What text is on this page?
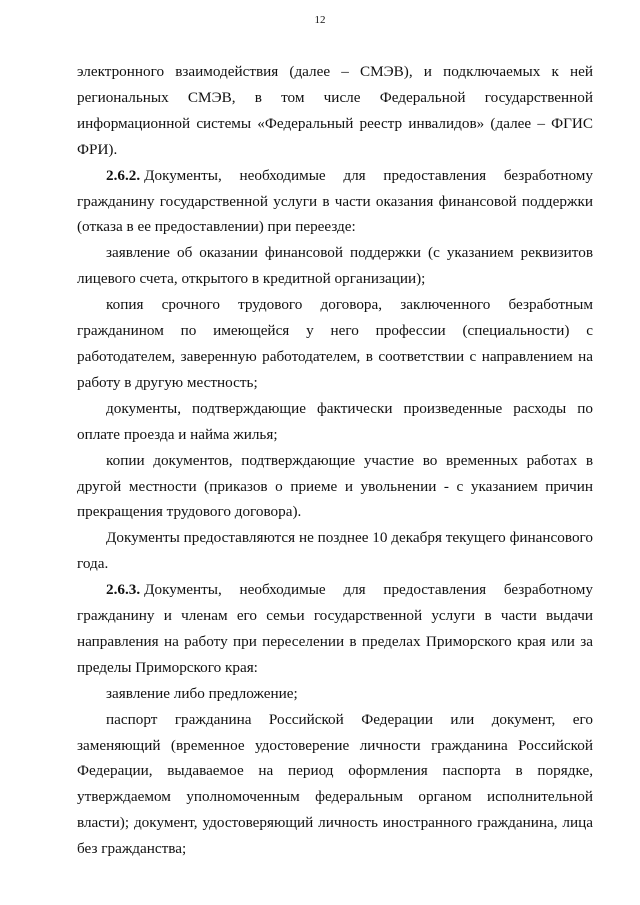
12

электронного взаимодействия (далее – СМЭВ), и подключаемых к ней региональных СМЭВ, в том числе Федеральной государственной информационной системы «Федеральный реестр инвалидов» (далее – ФГИС ФРИ).

2.6.2. Документы, необходимые для предоставления безработному гражданину государственной услуги в части оказания финансовой поддержки (отказа в ее предоставлении) при переезде:

заявление об оказании финансовой поддержки (с указанием реквизитов лицевого счета, открытого в кредитной организации);

копия срочного трудового договора, заключенного безработным гражданином по имеющейся у него профессии (специальности) с работодателем, заверенную работодателем, в соответствии с направлением на работу в другую местность;

документы, подтверждающие фактически произведенные расходы по оплате проезда и найма жилья;

копии документов, подтверждающие участие во временных работах в другой местности (приказов о приеме и увольнении - с указанием причин прекращения трудового договора).

Документы предоставляются не позднее 10 декабря текущего финансового года.

2.6.3. Документы, необходимые для предоставления безработному гражданину и членам его семьи государственной услуги в части выдачи направления на работу при переселении в пределах Приморского края или за пределы Приморского края:

заявление либо предложение;

паспорт гражданина Российской Федерации или документ, его заменяющий (временное удостоверение личности гражданина Российской Федерации, выдаваемое на период оформления паспорта в порядке, утверждаемом уполномоченным федеральным органом исполнительной власти); документ, удостоверяющий личность иностранного гражданина, лица без гражданства;
